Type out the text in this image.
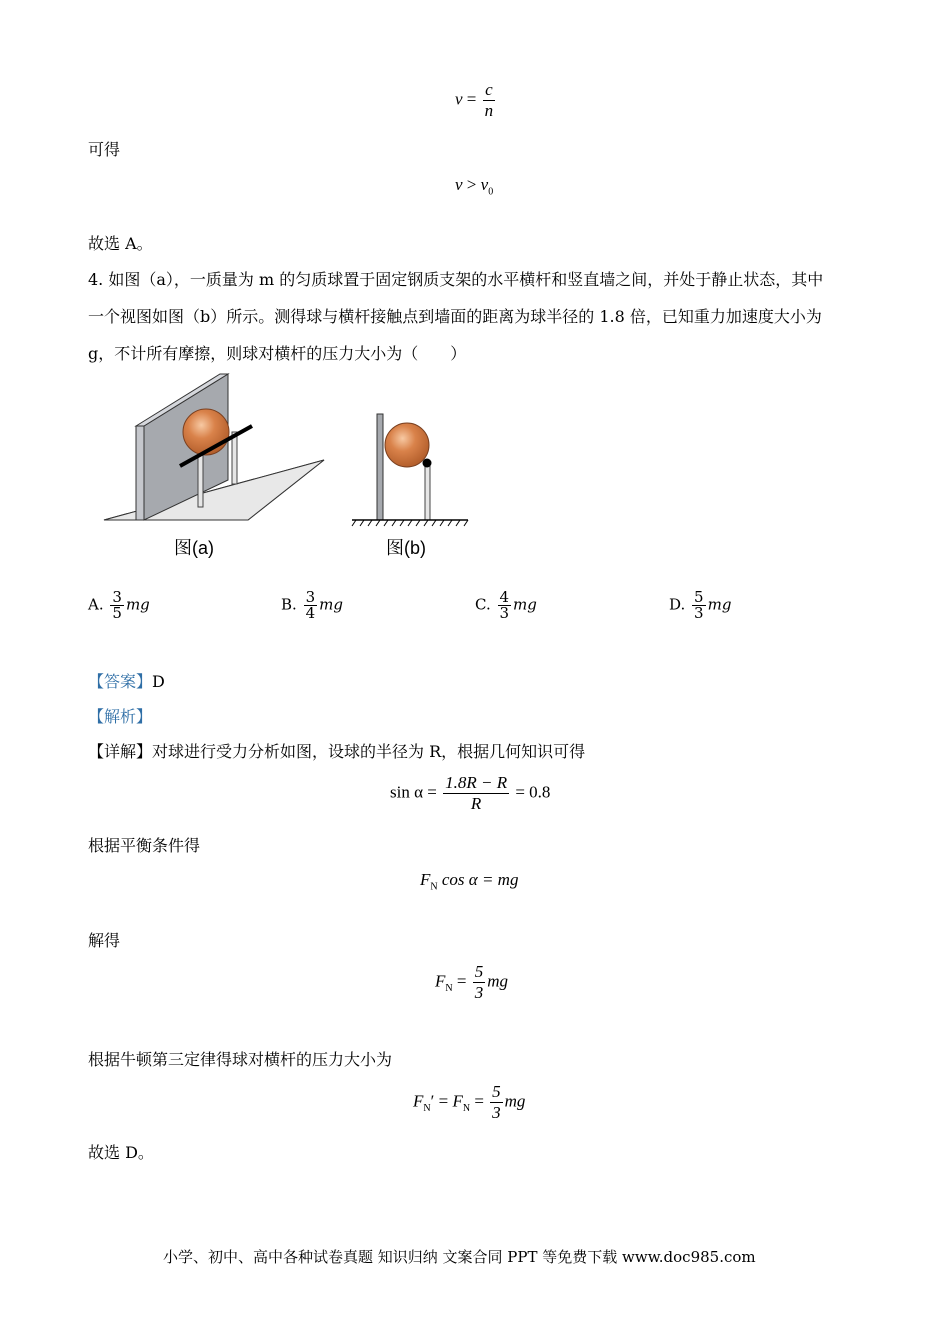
$v = \frac{c}{n}$
可得
$v > v_0$
故选 A。
4. 如图（a），一质量为 m 的匀质球置于固定钢质支架的水平横杆和竖直墙之间，并处于静止状态，其中
一个视图如图（b）所示。测得球与横杆接触点到墙面的距离为球半径的 1.8 倍，已知重力加速度大小为
g，不计所有摩擦，则球对横杆的压力大小为（　　）
图(a)	图(b)
A. $\frac{3}{5}$ mg	B. $\frac{3}{4}$ mg	C. $\frac{4}{3}$ mg	D. $\frac{5}{3}$ mg
【答案】D
【解析】
【详解】对球进行受力分析如图，设球的半径为 R，根据几何知识可得
$\sin \alpha = \frac{1.8R - R}{R} = 0.8$
根据平衡条件得
$F_N$ cos α = mg
解得
$F_N = \frac{5}{3}$ mg
根据牛顿第三定律得球对横杆的压力大小为
$F_N' = F_N = \frac{5}{3}$ mg
故选 D。
小学、初中、高中各种试卷真题 知识归纳 文案合同 PPT 等免费下载 www.doc985.com
